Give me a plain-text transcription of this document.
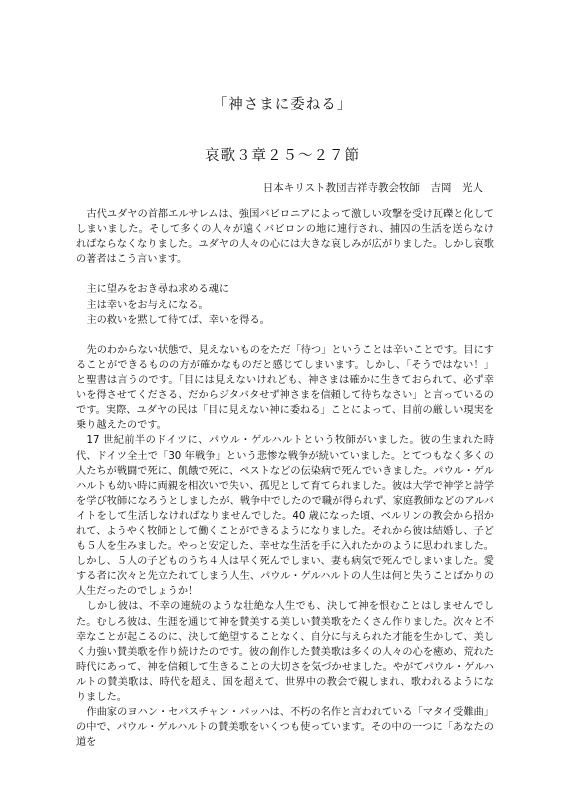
「神さまに委ねる」
哀歌３章２５〜２７節
日本キリスト教団吉祥寺教会牧師　吉岡　光人

古代ユダヤの首都エルサレムは、強国バビロニアによって激しい攻撃を受け瓦礫と化してしまいました。そして多くの人々が遠くバビロンの地に連行され、捕囚の生活を送らなければならなくなりました。ユダヤの人々の心には大きな哀しみが広がりました。しかし哀歌の著者はこう言います。

主に望みをおき尋ね求める魂に
主は幸いをお与えになる。
主の救いを黙して待てば、幸いを得る。

先のわからない状態で、見えないものをただ「待つ」ということは辛いことです。目にすることができるものの方が確かなものだと感じてしまいます。しかし、「そうではない！」と聖書は言うのです。「目には見えないけれども、神さまは確かに生きておられて、必ず幸いを得させてくださる、だからジタバタせず神さまを信頼して待ちなさい」と言っているのです。実際、ユダヤの民は「目に見えない神に委ねる」ことによって、目前の厳しい現実を乗り越えたのです。

17 世紀前半のドイツに、パウル・ゲルハルトという牧師がいました。彼の生まれた時代、ドイツ全土で「30 年戦争」という悲惨な戦争が続いていました。とてつもなく多くの人たちが戦闘で死に、飢餓で死に、ペストなどの伝染病で死んでいきました。パウル・ゲルハルトも幼い時に両親を相次いで失い、孤児として育てられました。彼は大学で神学と詩学を学び牧師になろうとしましたが、戦争中でしたので職が得られず、家庭教師などのアルバイトをして生活しなければなりませんでした。40 歳になった頃、ベルリンの教会から招かれて、ようやく牧師として働くことができるようになりました。それから彼は結婚し、子ども５人を生みました。やっと安定した、幸せな生活を手に入れたかのように思われました。しかし、５人の子どものうち４人は早く死んでしまい、妻も病気で死んでしまいました。愛する者に次々と先立たれてしまう人生、パウル・ゲルハルトの人生は何と失うことばかりの人生だったのでしょうか！

しかし彼は、不幸の連続のような壮絶な人生でも、決して神を恨むことはしませんでした。むしろ彼は、生涯を通じて神を賛美する美しい賛美歌をたくさん作りました。次々と不幸なことが起こるのに、決して絶望することなく、自分に与えられた才能を生かして、美しく力強い賛美歌を作り続けたのです。彼の創作した賛美歌は多くの人々の心を癒め、荒れた時代にあって、神を信頼して生きることの大切さを気づかせました。やがてパウル・ゲルハルトの賛美歌は、時代を超え、国を超えて、世界中の教会で親しまれ、歌われるようになりました。

作曲家のヨハン・セバスチャン・バッハは、不朽の名作と言われている「マタイ受難曲」の中で、パウル・ゲルハルトの賛美歌をいくつも使っています。その中の一つに「あなたの道を
